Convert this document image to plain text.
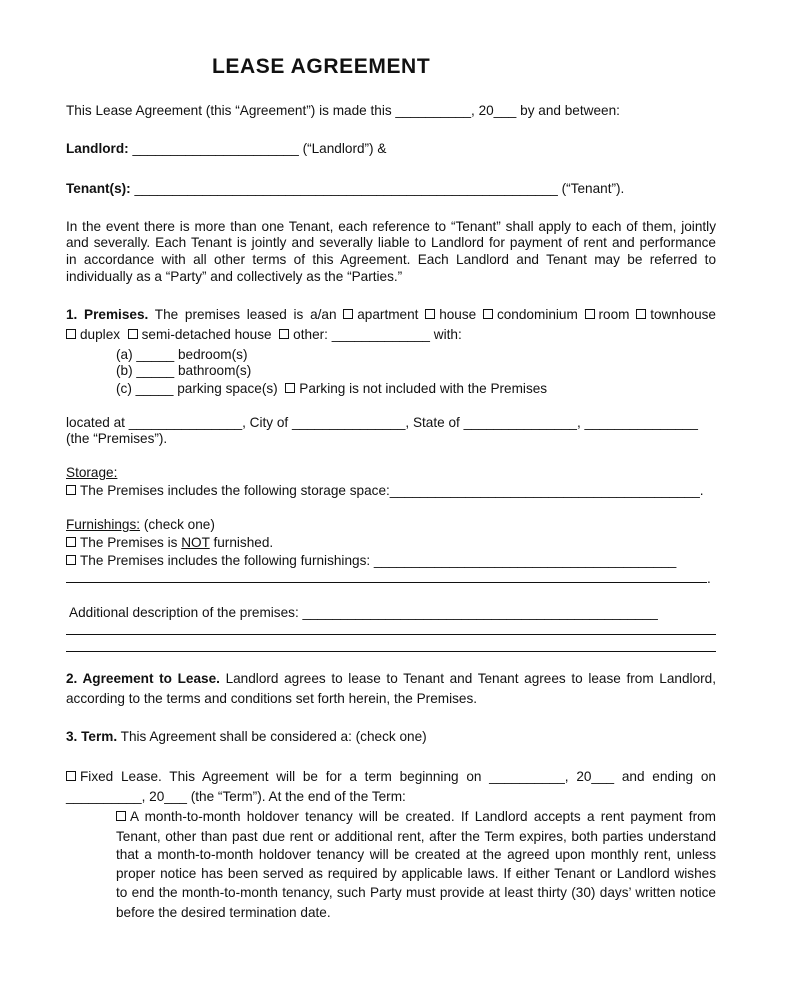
LEASE AGREEMENT
This Lease Agreement (this “Agreement”) is made this __________, 20___ by and between:
Landlord: ______________________ (“Landlord”) &
Tenant(s): ________________________________________________________ (“Tenant”).
In the event there is more than one Tenant, each reference to “Tenant” shall apply to each of them, jointly
and severally. Each Tenant is jointly and severally liable to Landlord for payment of rent and performance
in accordance with all other terms of this Agreement. Each Landlord and Tenant may be referred to
individually as a “Party” and collectively as the “Parties.”
1. Premises. The premises leased is a/an apartment house condominium room townhouse
duplex semi-detached house other: _____________ with:
(a) _____ bedroom(s)
(b) _____ bathroom(s)
(c) _____ parking space(s) Parking is not included with the Premises
located at _______________, City of _______________, State of _______________, _______________
(the “Premises”).
Storage:
The Premises includes the following storage space:_________________________________________.
Furnishings: (check one)
The Premises is NOT furnished.
The Premises includes the following furnishings: ________________________________________
.
Additional description of the premises: _______________________________________________
2. Agreement to Lease. Landlord agrees to lease to Tenant and Tenant agrees to lease from Landlord,
according to the terms and conditions set forth herein, the Premises.
3. Term. This Agreement shall be considered a: (check one)
Fixed Lease. This Agreement will be for a term beginning on __________, 20___ and ending on
__________, 20___ (the “Term”). At the end of the Term:
A month-to-month holdover tenancy will be created. If Landlord accepts a rent payment from
Tenant, other than past due rent or additional rent, after the Term expires, both parties understand
that a month-to-month holdover tenancy will be created at the agreed upon monthly rent, unless
proper notice has been served as required by applicable laws. If either Tenant or Landlord wishes
to end the month-to-month tenancy, such Party must provide at least thirty (30) days’ written notice
before the desired termination date.
